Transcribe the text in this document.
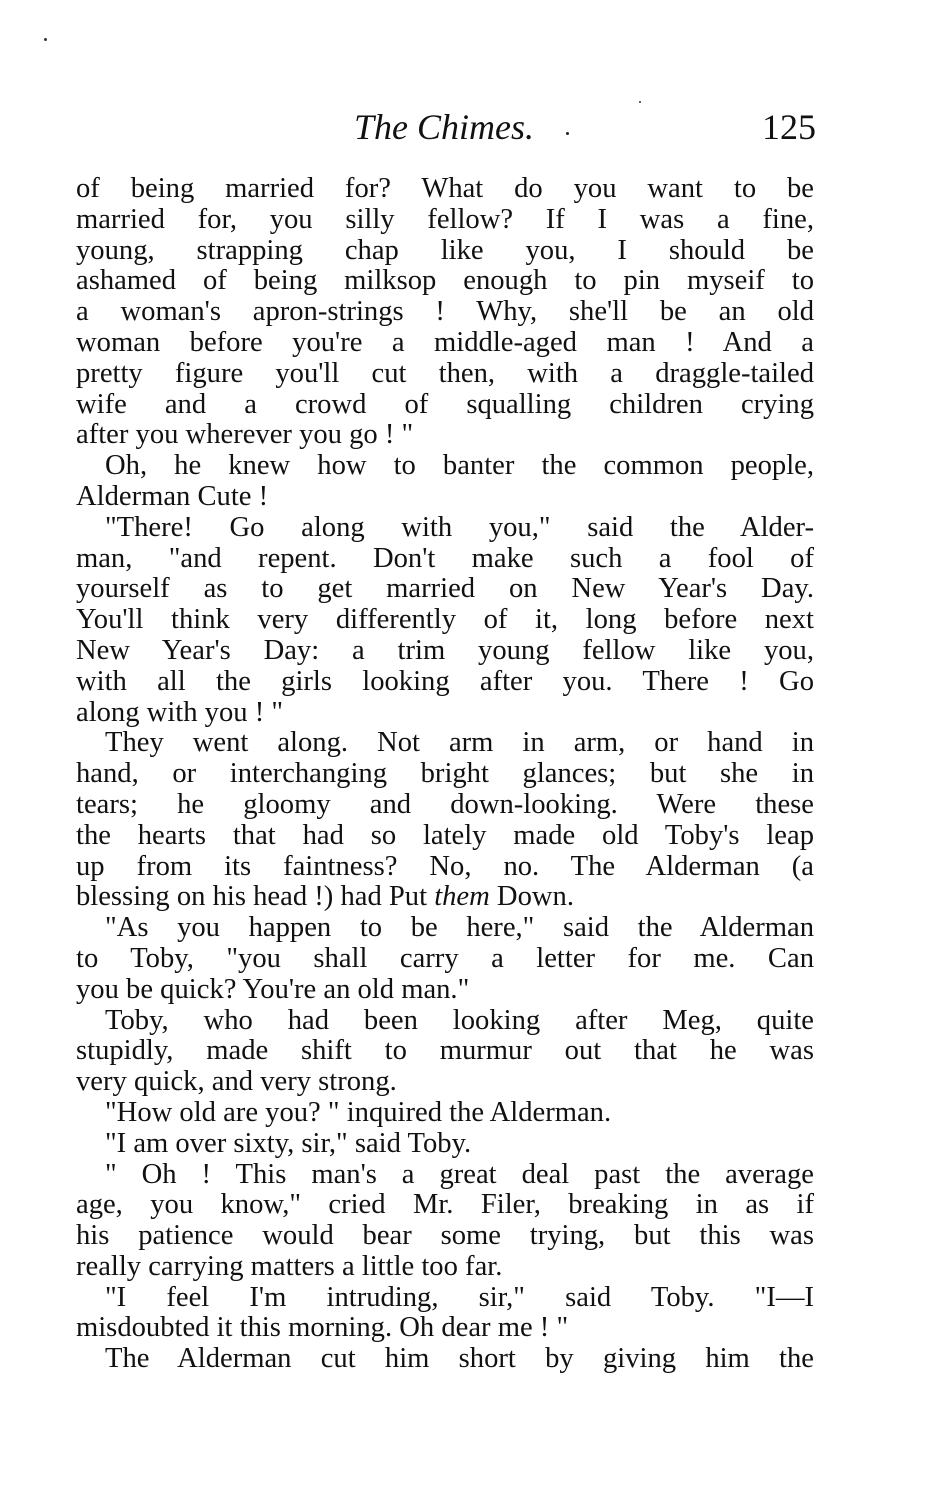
The Chimes.	125
of being married for? What do you want to be
married for, you silly fellow? If I was a fine,
young, strapping chap like you, I should be
ashamed of being milksop enough to pin myseif to
a woman's apron-strings ! Why, she'll be an old
woman before you're a middle-aged man ! And a
pretty figure you'll cut then, with a draggle-tailed
wife and a crowd of squalling children crying
after you wherever you go ! "
Oh, he knew how to banter the common people,
Alderman Cute !
"There! Go along with you," said the Alder-
man, "and repent. Don't make such a fool of
yourself as to get married on New Year's Day.
You'll think very differently of it, long before next
New Year's Day: a trim young fellow like you,
with all the girls looking after you. There ! Go
along with you ! "
They went along. Not arm in arm, or hand in
hand, or interchanging bright glances; but she in
tears; he gloomy and down-looking. Were these
the hearts that had so lately made old Toby's leap
up from its faintness? No, no. The Alderman (a
blessing on his head !) had Put them Down.
"As you happen to be here," said the Alderman
to Toby, "you shall carry a letter for me. Can
you be quick? You're an old man."
Toby, who had been looking after Meg, quite
stupidly, made shift to murmur out that he was
very quick, and very strong.
"How old are you? " inquired the Alderman.
"I am over sixty, sir," said Toby.
" Oh ! This man's a great deal past the average
age, you know," cried Mr. Filer, breaking in as if
his patience would bear some trying, but this was
really carrying matters a little too far.
"I feel I'm intruding, sir," said Toby. "I—I
misdoubted it this morning. Oh dear me ! "
The Alderman cut him short by giving him the
